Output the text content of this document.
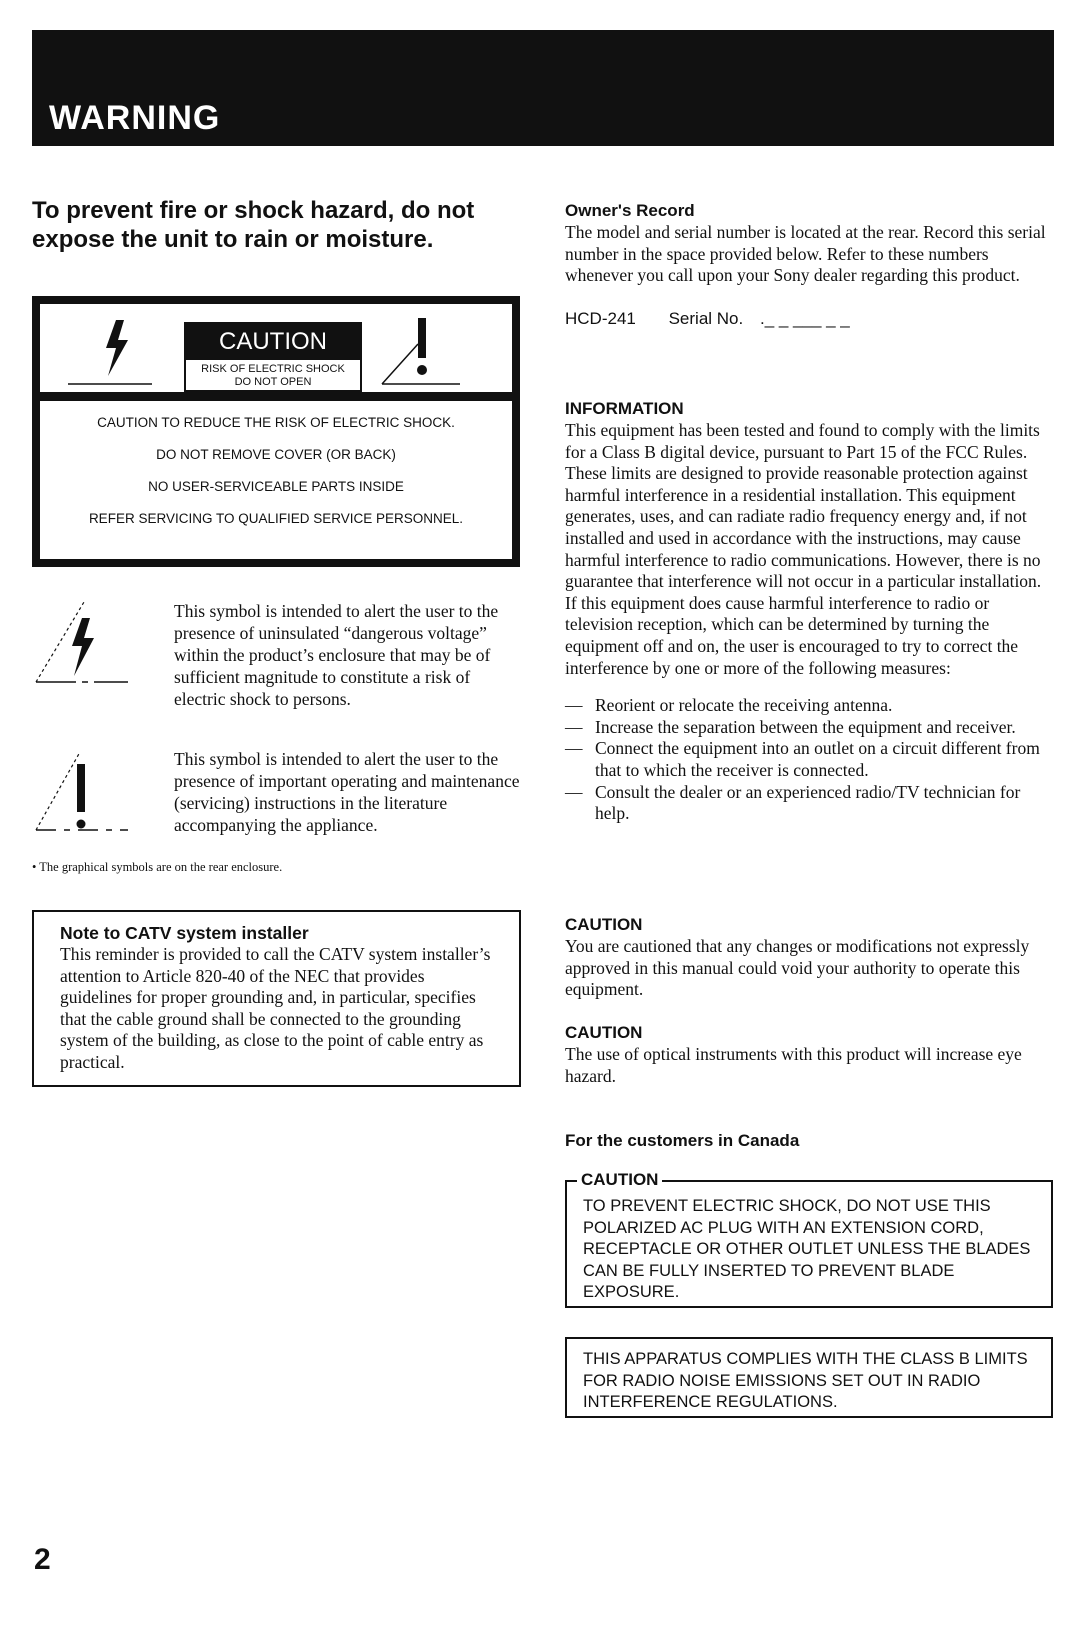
WARNING

To prevent fire or shock hazard, do not expose the unit to rain or moisture.

CAUTION
RISK OF ELECTRIC SHOCK
DO NOT OPEN

CAUTION TO REDUCE THE RISK OF ELECTRIC SHOCK.

DO NOT REMOVE COVER (OR BACK)

NO USER-SERVICEABLE PARTS INSIDE

REFER SERVICING TO QUALIFIED SERVICE PERSONNEL.

This symbol is intended to alert the user to the presence of uninsulated “dangerous voltage” within the product’s enclosure that may be of sufficient magnitude to constitute a risk of electric shock to persons.
This symbol is intended to alert the user to the presence of important operating and maintenance (servicing) instructions in the literature accompanying the appliance.
• The graphical symbols are on the rear enclosure.
Note to CATV system installer

This reminder is provided to call the CATV system installer’s attention to Article 820-40 of the NEC that provides guidelines for proper grounding and, in particular, specifies that the cable ground shall be connected to the grounding system of the building, as close to the point of cable entry as practical.

Owner's Record

The model and serial number is located at the rear. Record this serial number in the space provided below. Refer to these numbers whenever you call upon your Sony dealer regarding this product.

HCD-241 Serial No. ._ _ ___ _ _
INFORMATION

This equipment has been tested and found to comply with the limits for a Class B digital device, pursuant to Part 15 of the FCC Rules. These limits are designed to provide reasonable protection against harmful interference in a residential installation. This equipment generates, uses, and can radiate radio frequency energy and, if not installed and used in accordance with the instructions, may cause harmful interference to radio communications. However, there is no guarantee that interference will not occur in a particular installation. If this equipment does cause harmful interference to radio or television reception, which can be determined by turning the equipment off and on, the user is encouraged to try to correct the interference by one or more of the following measures:

— Reorient or relocate the receiving antenna.
— Increase the separation between the equipment and receiver.
— Connect the equipment into an outlet on a circuit different from that to which the receiver is connected.
— Consult the dealer or an experienced radio/TV technician for help.
CAUTION

You are cautioned that any changes or modifications not expressly approved in this manual could void your authority to operate this equipment.

CAUTION

The use of optical instruments with this product will increase eye hazard.

For the customers in Canada
CAUTION

TO PREVENT ELECTRIC SHOCK, DO NOT USE THIS POLARIZED AC PLUG WITH AN EXTENSION CORD, RECEPTACLE OR OTHER OUTLET UNLESS THE BLADES CAN BE FULLY INSERTED TO PREVENT BLADE EXPOSURE.

THIS APPARATUS COMPLIES WITH THE CLASS B LIMITS FOR RADIO NOISE EMISSIONS SET OUT IN RADIO INTERFERENCE REGULATIONS.

2
